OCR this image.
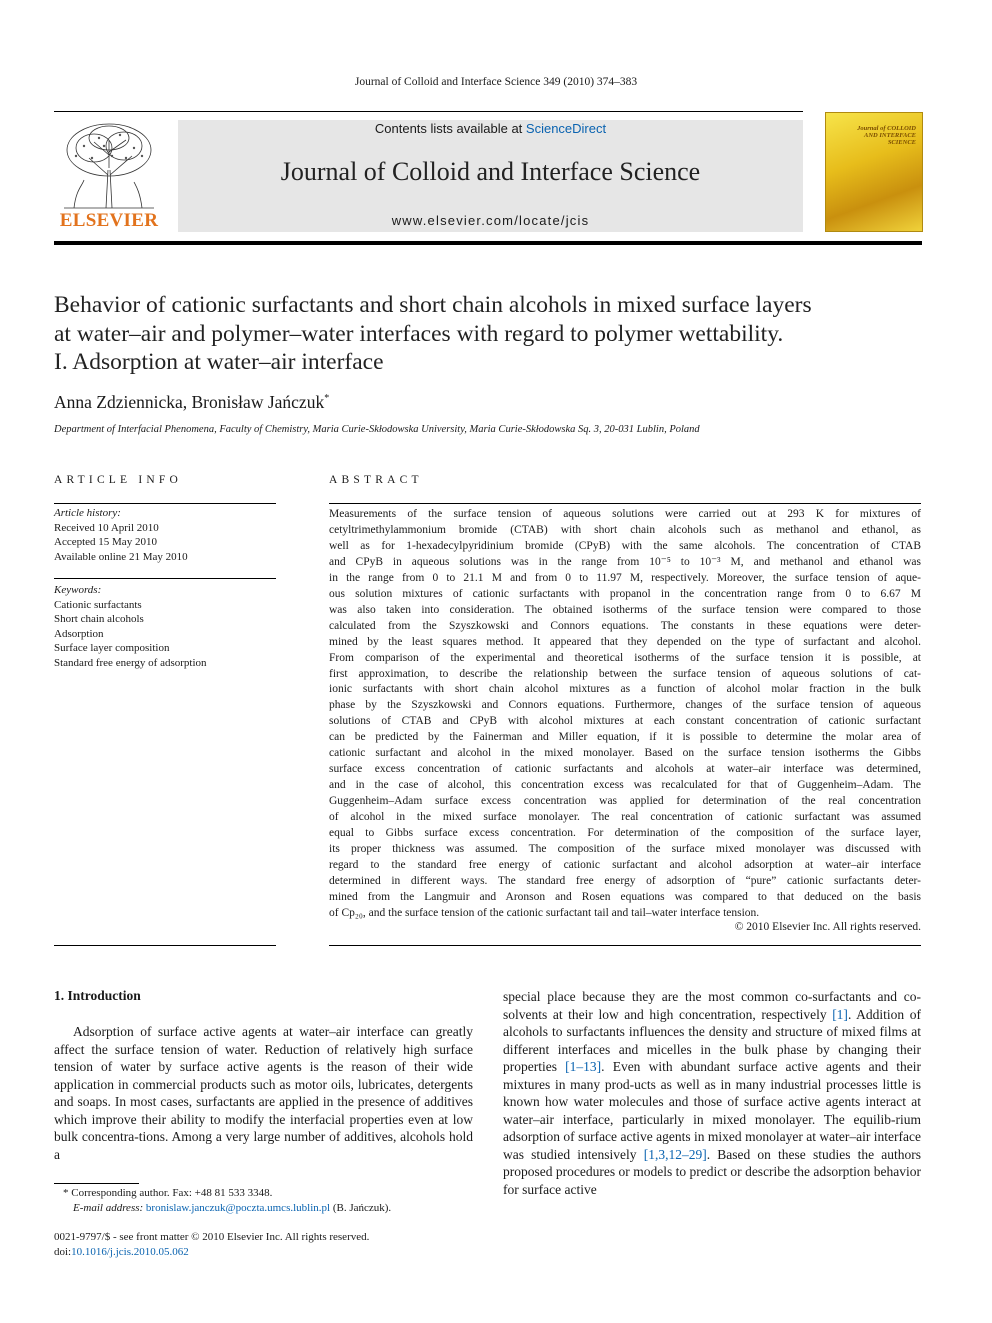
Journal of Colloid and Interface Science 349 (2010) 374–383
ELSEVIER
Contents lists available at ScienceDirect
Journal of Colloid and Interface Science
www.elsevier.com/locate/jcis
Journal of COLLOID AND INTERFACE SCIENCE
Behavior of cationic surfactants and short chain alcohols in mixed surface layers
at water–air and polymer–water interfaces with regard to polymer wettability.
I. Adsorption at water–air interface
Anna Zdziennicka, Bronisław Jańczuk*
Department of Interfacial Phenomena, Faculty of Chemistry, Maria Curie-Skłodowska University, Maria Curie-Skłodowska Sq. 3, 20-031 Lublin, Poland
ARTICLE INFO	ABSTRACT
Article history:
Received 10 April 2010
Accepted 15 May 2010
Available online 21 May 2010
Keywords:
Cationic surfactants
Short chain alcohols
Adsorption
Surface layer composition
Standard free energy of adsorption
Measurements of the surface tension of aqueous solutions were carried out at 293 K for mixtures of
cetyltrimethylammonium bromide (CTAB) with short chain alcohols such as methanol and ethanol, as
well as for 1-hexadecylpyridinium bromide (CPyB) with the same alcohols. The concentration of CTAB
and CPyB in aqueous solutions was in the range from 10⁻⁵ to 10⁻³ M, and methanol and ethanol was
in the range from 0 to 21.1 M and from 0 to 11.97 M, respectively. Moreover, the surface tension of aque-
ous solution mixtures of cationic surfactants with propanol in the concentration range from 0 to 6.67 M
was also taken into consideration. The obtained isotherms of the surface tension were compared to those
calculated from the Szyszkowski and Connors equations. The constants in these equations were deter-
mined by the least squares method. It appeared that they depended on the type of surfactant and alcohol.
From comparison of the experimental and theoretical isotherms of the surface tension it is possible, at
first approximation, to describe the relationship between the surface tension of aqueous solutions of cat-
ionic surfactants with short chain alcohol mixtures as a function of alcohol molar fraction in the bulk
phase by the Szyszkowski and Connors equations. Furthermore, changes of the surface tension of aqueous
solutions of CTAB and CPyB with alcohol mixtures at each constant concentration of cationic surfactant
can be predicted by the Fainerman and Miller equation, if it is possible to determine the molar area of
cationic surfactant and alcohol in the mixed monolayer. Based on the surface tension isotherms the Gibbs
surface excess concentration of cationic surfactants and alcohols at water–air interface was determined,
and in the case of alcohol, this concentration excess was recalculated for that of Guggenheim–Adam. The
Guggenheim–Adam surface excess concentration was applied for determination of the real concentration
of alcohol in the mixed surface monolayer. The real concentration of cationic surfactant was assumed
equal to Gibbs surface excess concentration. For determination of the composition of the surface layer,
its proper thickness was assumed. The composition of the surface mixed monolayer was discussed with
regard to the standard free energy of cationic surfactant and alcohol adsorption at water–air interface
determined in different ways. The standard free energy of adsorption of “pure” cationic surfactants deter-
mined from the Langmuir and Aronson and Rosen equations was compared to that deduced on the basis
of Cp₂₀, and the surface tension of the cationic surfactant tail and tail–water interface tension.
© 2010 Elsevier Inc. All rights reserved.
1. Introduction
Adsorption of surface active agents at water–air interface can greatly affect the surface tension of water. Reduction of relatively high surface tension of water by surface active agents is the reason of their wide application in commercial products such as motor oils, lubricates, detergents and soaps. In most cases, surfactants are applied in the presence of additives which improve their ability to modify the interfacial properties even at low bulk concentra-tions. Among a very large number of additives, alcohols hold a
special place because they are the most common co-surfactants and co-solvents at their low and high concentration, respectively [1]. Addition of alcohols to surfactants influences the density and structure of mixed films at different interfaces and micelles in the bulk phase by changing their properties [1–13]. Even with abundant surface active agents and their mixtures in many prod-ucts as well as in many industrial processes little is known how water molecules and those of surface active agents interact at water–air interface, particularly in mixed monolayer. The equilib-rium adsorption of surface active agents in mixed monolayer at water–air interface was studied intensively [1,3,12–29]. Based on these studies the authors proposed procedures or models to predict or describe the adsorption behavior for surface active
* Corresponding author. Fax: +48 81 533 3348.
E-mail address: bronislaw.janczuk@poczta.umcs.lublin.pl (B. Jańczuk).
0021-9797/$ - see front matter © 2010 Elsevier Inc. All rights reserved.
doi:10.1016/j.jcis.2010.05.062
